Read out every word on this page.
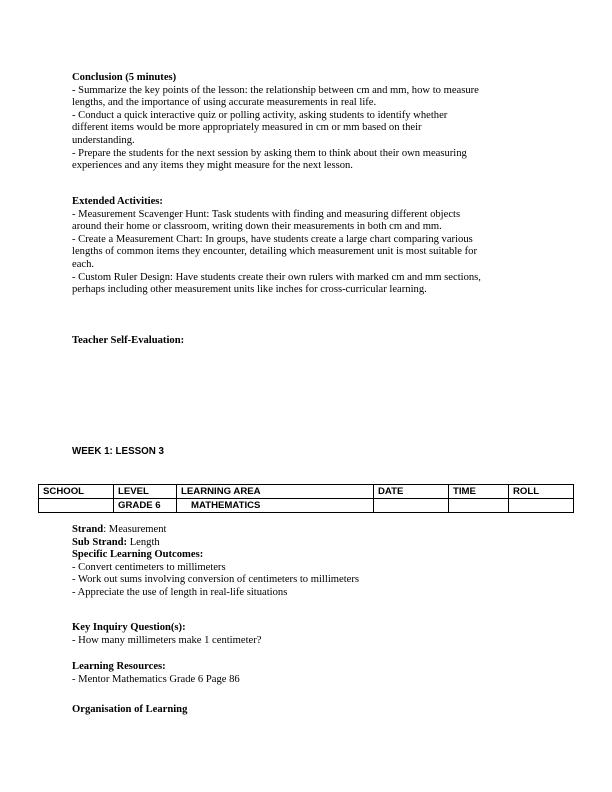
Conclusion (5 minutes)
- Summarize the key points of the lesson: the relationship between cm and mm, how to measure
lengths, and the importance of using accurate measurements in real life.
- Conduct a quick interactive quiz or polling activity, asking students to identify whether
different items would be more appropriately measured in cm or mm based on their
understanding.
- Prepare the students for the next session by asking them to think about their own measuring
experiences and any items they might measure for the next lesson.
Extended Activities:
- Measurement Scavenger Hunt: Task students with finding and measuring different objects
around their home or classroom, writing down their measurements in both cm and mm.
- Create a Measurement Chart: In groups, have students create a large chart comparing various
lengths of common items they encounter, detailing which measurement unit is most suitable for
each.
- Custom Ruler Design: Have students create their own rulers with marked cm and mm sections,
perhaps including other measurement units like inches for cross-curricular learning.
Teacher Self-Evaluation:
WEEK 1: LESSON 3
SCHOOL	LEVEL	LEARNING AREA	DATE	TIME	ROLL
	GRADE 6	MATHEMATICS			
Strand: Measurement
Sub Strand: Length
Specific Learning Outcomes:
- Convert centimeters to millimeters
- Work out sums involving conversion of centimeters to millimeters
- Appreciate the use of length in real-life situations
Key Inquiry Question(s):
- How many millimeters make 1 centimeter?
Learning Resources:
- Mentor Mathematics Grade 6 Page 86
Organisation of Learning
